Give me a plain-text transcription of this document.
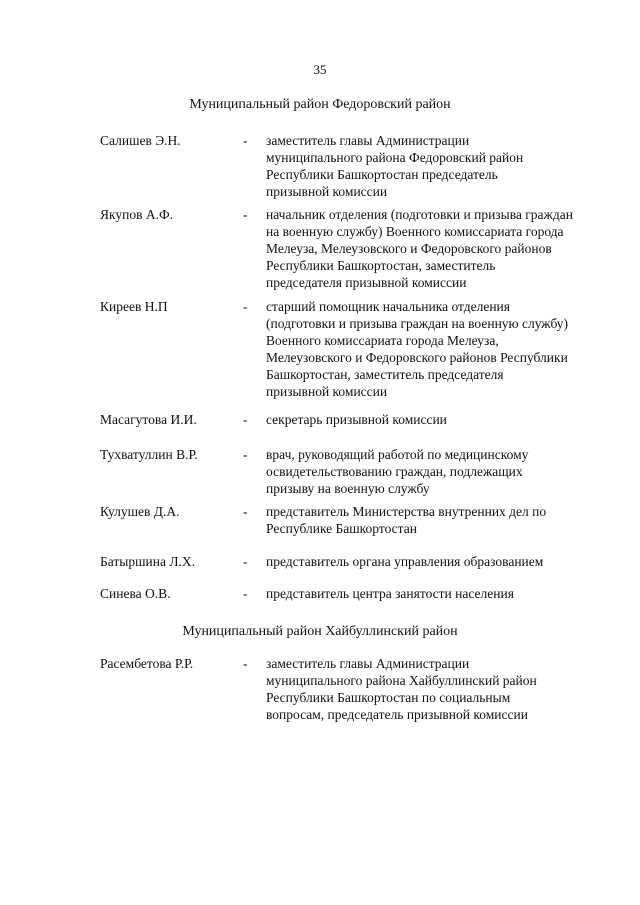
35
Муниципальный район Федоровский район
Салишев Э.Н.	- заместитель главы Администрации
муниципального района Федоровский район
Республики Башкортостан председатель
призывной комиссии
Якупов А.Ф.	- начальник отделения (подготовки и призыва граждан
на военную службу) Военного комиссариата города
Мелеуза, Мелеузовского и Федоровского районов
Республики Башкортостан, заместитель
председателя призывной комиссии
Киреев Н.П	- старший помощник начальника отделения
(подготовки и призыва граждан на военную службу)
Военного комиссариата города Мелеуза,
Мелеузовского и Федоровского районов Республики
Башкортостан, заместитель председателя
призывной комиссии
Масагутова И.И.	- секретарь призывной комиссии
Тухватуллин В.Р.	- врач, руководящий работой по медицинскому
освидетельствованию граждан, подлежащих
призыву на военную службу
Кулушев Д.А.	- представитель Министерства внутренних дел по
Республике Башкортостан
Батыршина Л.Х.	- представитель органа управления образованием
Синева О.В.	- представитель центра занятости населения
Муниципальный район Хайбуллинский район
Расембетова Р.Р.	- заместитель главы Администрации
муниципального района Хайбуллинский район
Республики Башкортостан по социальным
вопросам, председатель призывной комиссии
